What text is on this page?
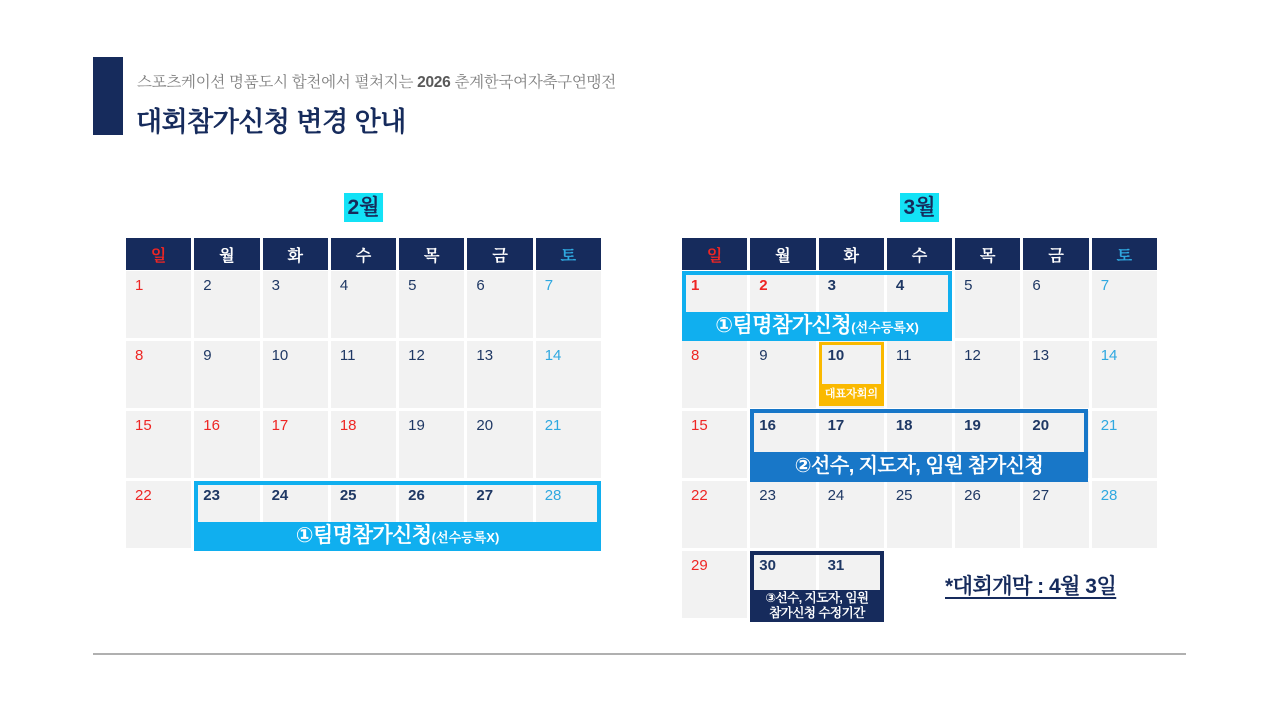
스포츠케이션 명품도시 합천에서 펼쳐지는 2026 춘계한국여자축구연맹전
대회참가신청 변경 안내
2월
일	월	화	수	목	금	토
1	2	3	4	5	6	7
8	9	10	11	12	13	14
15	16	17	18	19	20	21
22	23	24	25	26	27	28
①팀명참가신청(선수등록X)
3월
일	월	화	수	목	금	토
1	2	3	4	5	6	7
8	9	10	11	12	13	14
15	16	17	18	19	20	21
22	23	24	25	26	27	28
29	30	31
①팀명참가신청(선수등록X)
대표자회의
②선수, 지도자, 임원 참가신청
③선수, 지도자, 임원
참가신청 수정기간
*대회개막 : 4월 3일
